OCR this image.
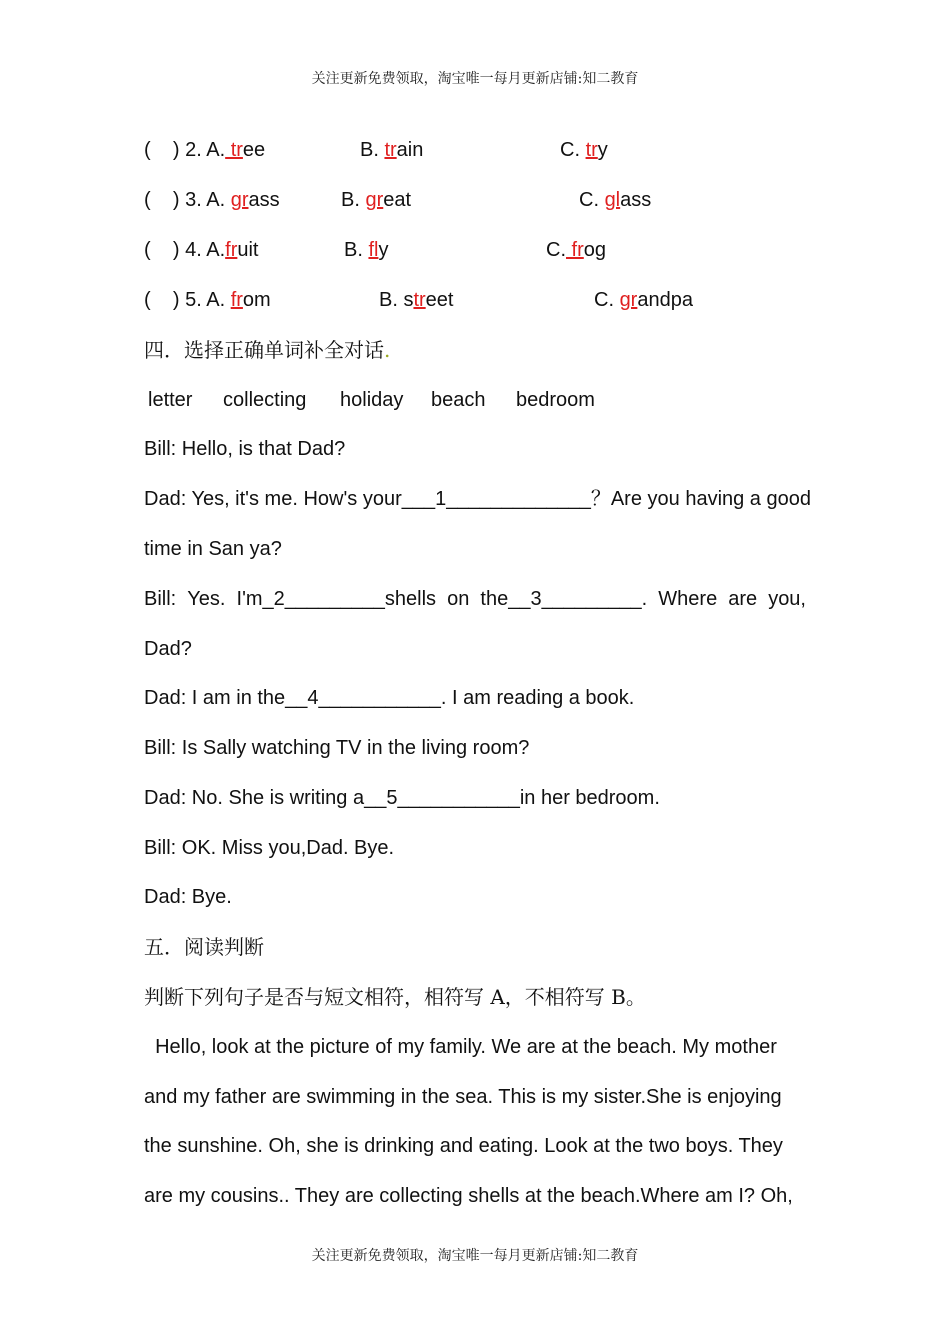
关注更新免费领取，淘宝唯一每月更新店铺:知二教育
(    ) 2. A. tree	B. train	C. try
(    ) 3. A. grass	B. great	C. glass
(    ) 4. A.fruit	B. fly	C. frog
(    ) 5. A. from	B. street	C. grandpa
四．选择正确单词补全对话.
letter collecting holiday beach bedroom
Bill: Hello, is that Dad?
Dad: Yes, it's me. How's your___1_____________？Are you having a good
time in San ya?
Bill: Yes. I'm_2_________shells on the__3_________. Where are you,
Dad?
Dad: I am in the__4___________. I am reading a book.
Bill: Is Sally watching TV in the living room?
Dad: No. She is writing a__5___________in her bedroom.
Bill: OK. Miss you,Dad. Bye.
Dad: Bye.
五．阅读判断
判断下列句子是否与短文相符，相符写 A，不相符写 B。
Hello, look at the picture of my family. We are at the beach. My mother
and my father are swimming in the sea. This is my sister.She is enjoying
the sunshine. Oh, she is drinking and eating. Look at the two boys. They
are my cousins.. They are collecting shells at the beach.Where am I? Oh,
关注更新免费领取，淘宝唯一每月更新店铺:知二教育
